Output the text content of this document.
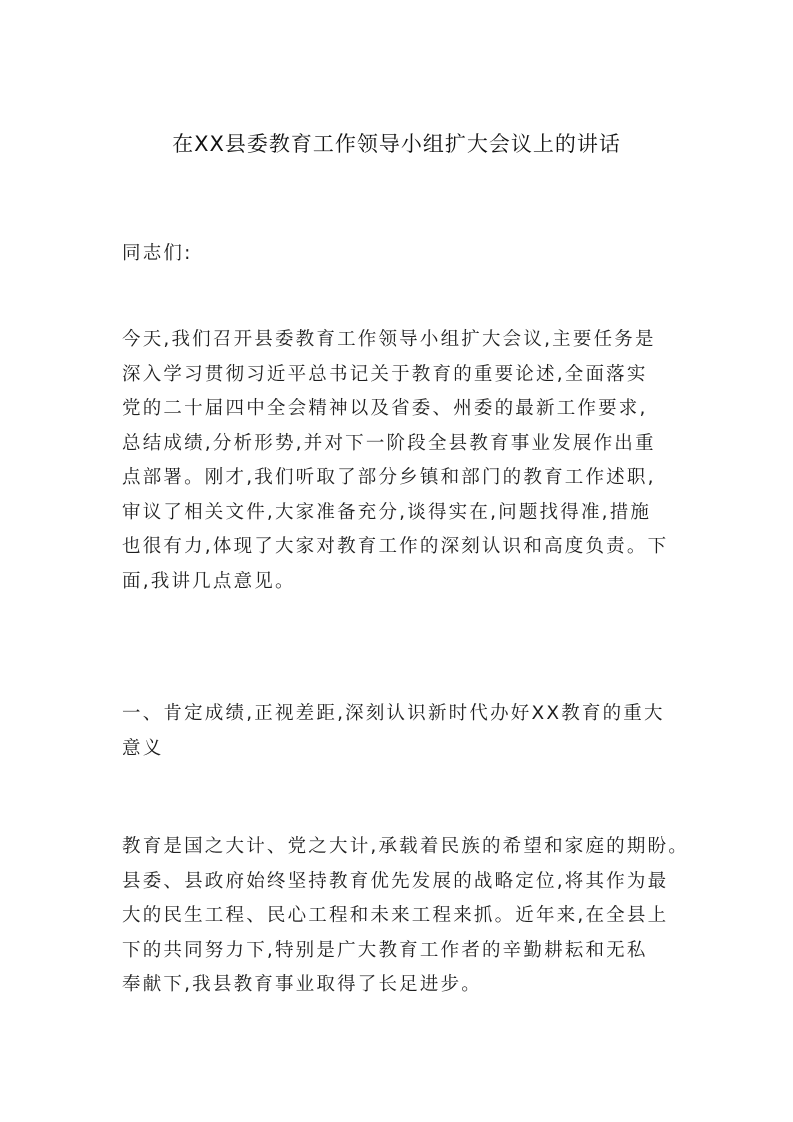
在XX县委教育工作领导小组扩大会议上的讲话
同志们:
今天,我们召开县委教育工作领导小组扩大会议,主要任务是
深入学习贯彻习近平总书记关于教育的重要论述,全面落实
党的二十届四中全会精神以及省委、州委的最新工作要求,
总结成绩,分析形势,并对下一阶段全县教育事业发展作出重
点部署。刚才,我们听取了部分乡镇和部门的教育工作述职,
审议了相关文件,大家准备充分,谈得实在,问题找得准,措施
也很有力,体现了大家对教育工作的深刻认识和高度负责。下
面,我讲几点意见。
一、肯定成绩,正视差距,深刻认识新时代办好XX教育的重大
意义
教育是国之大计、党之大计,承载着民族的希望和家庭的期盼。
县委、县政府始终坚持教育优先发展的战略定位,将其作为最
大的民生工程、民心工程和未来工程来抓。近年来,在全县上
下的共同努力下,特别是广大教育工作者的辛勤耕耘和无私
奉献下,我县教育事业取得了长足进步。
